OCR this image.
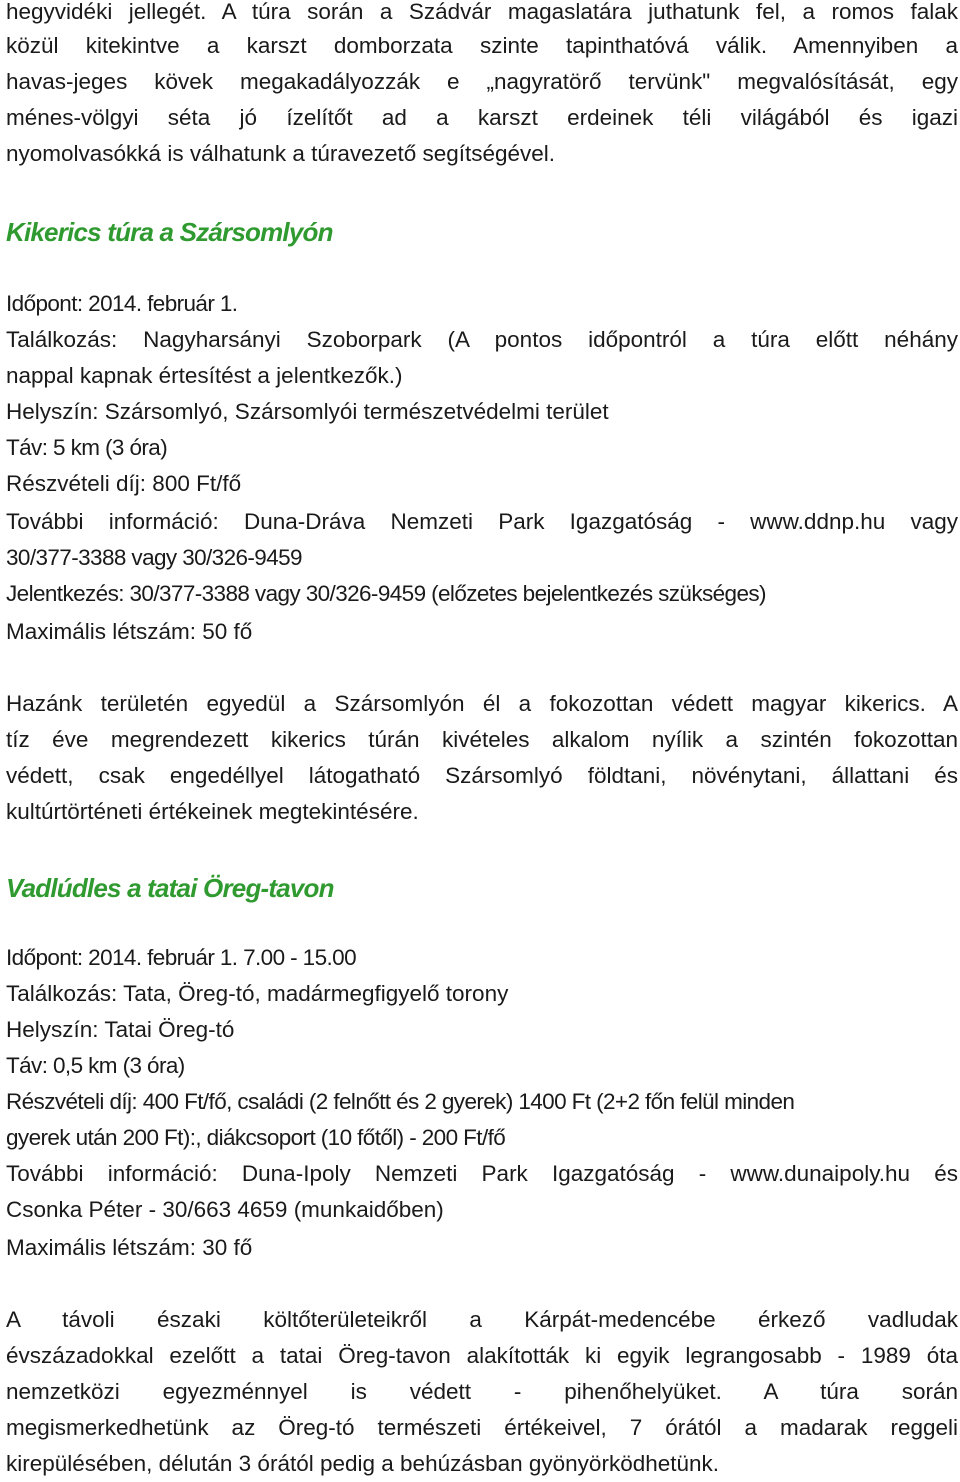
hegyvidéki jellegét. A túra során a Szádvár magaslatára juthatunk fel, a romos falak
közül kitekintve a karszt domborzata szinte tapinthatóvá válik. Amennyiben a
havas-jeges kövek megakadályozzák e „nagyratörő tervünk" megvalósítását, egy
ménes-völgyi séta jó ízelítőt ad a karszt erdeinek téli világából és igazi
nyomolvasókká is válhatunk a túravezető segítségével.
Kikerics túra a Szársomlyón
Időpont: 2014. február 1.
Találkozás: Nagyharsányi Szoborpark (A pontos időpontról a túra előtt néhány
nappal kapnak értesítést a jelentkezők.)
Helyszín: Szársomlyó, Szársomlyói természetvédelmi terület
Táv: 5 km (3 óra)
Részvételi díj: 800 Ft/fő
További információ: Duna-Dráva Nemzeti Park Igazgatóság - www.ddnp.hu vagy
30/377-3388 vagy 30/326-9459
Jelentkezés: 30/377-3388 vagy 30/326-9459 (előzetes bejelentkezés szükséges)
Maximális létszám: 50 fő
Hazánk területén egyedül a Szársomlyón él a fokozottan védett magyar kikerics. A
tíz éve megrendezett kikerics túrán kivételes alkalom nyílik a szintén fokozottan
védett, csak engedéllyel látogatható Szársomlyó földtani, növénytani, állattani és
kultúrtörténeti értékeinek megtekintésére.
Vadlúdles a tatai Öreg-tavon
Időpont: 2014. február 1. 7.00 - 15.00
Találkozás: Tata, Öreg-tó, madármegfigyelő torony
Helyszín: Tatai Öreg-tó
Táv: 0,5 km (3 óra)
Részvételi díj: 400 Ft/fő, családi (2 felnőtt és 2 gyerek) 1400 Ft (2+2 főn felül minden
gyerek után 200 Ft):, diákcsoport (10 főtől) - 200 Ft/fő
További információ: Duna-Ipoly Nemzeti Park Igazgatóság - www.dunaipoly.hu és
Csonka Péter - 30/663 4659 (munkaidőben)
Maximális létszám: 30 fő
A távoli északi költőterületeikről a Kárpát-medencébe érkező vadludak
évszázadokkal ezelőtt a tatai Öreg-tavon alakították ki egyik legrangosabb - 1989 óta
nemzetközi egyezménnyel is védett - pihenőhelyüket. A túra során
megismerkedhetünk az Öreg-tó természeti értékeivel, 7 órától a madarak reggeli
kirepülésében, délután 3 órától pedig a behúzásban gyönyörködhetünk.
